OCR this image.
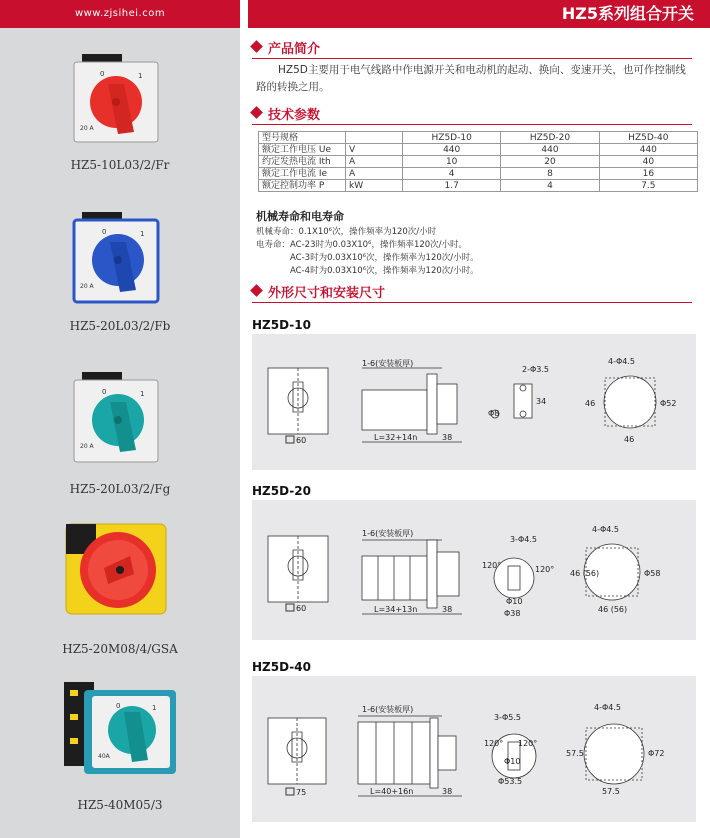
www.zjsihei.com
0	1
20 A
HZ5-10L03/2/Fr
0	1
20 A
HZ5-20L03/2/Fb
0	1
20 A
HZ5-20L03/2/Fg
HZ5-20M08/4/GSA
0	1
40A
HZ5-40M05/3
HZ5系列组合开关
产品简介
HZ5D主要用于电气线路中作电源开关和电动机的起动、换向、变速开关，也可作控制线路的转换之用。
技术参数
型号规格		HZ5D-10	HZ5D-20	HZ5D-40
额定工作电压 Ue	V	440	440	440
约定发热电流 Ith	A	10	20	40
额定工作电流 Ie	A	4	8	16
额定控制功率 P	kW	1.7	4	7.5
机械寿命和电寿命
机械寿命：0.1X10⁶次，操作频率为120次/小时
电寿命：AC-23时为0.03X10⁶，操作频率120次/小时。
AC-3时为0.03X10⁶次，操作频率为120次/小时。
AC-4时为0.03X10⁶次，操作频率为120次/小时。
外形尺寸和安装尺寸
HZ5D-10
60
1-6(安装板厚)
L=32+14n	38
2-Φ3.5
Φ8
34
4-Φ4.5
46
46
Φ52
HZ5D-20
60
1-6(安装板厚)
L=34+13n	38
3-Φ4.5
120°	120°
Φ10
Φ38
4-Φ4.5
46 (56)
46 (56)
Φ58
HZ5D-40
75
1-6(安装板厚)
L=40+16n	38
3-Φ5.5
120° 120°
Φ10
Φ53.5
4-Φ4.5
57.5
57.5
Φ72
